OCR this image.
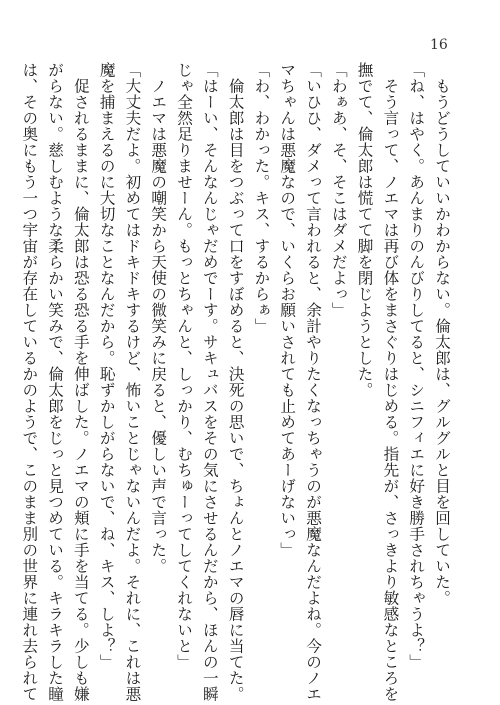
16
　もうどうしていいかわからない。倫太郎は、グルグルと目を回していた。
「ね、はやく。あんまりのんびりしてると、シニフィエに好き勝手されちゃうよ？」
　そう言って、ノエマは再び体をまさぐりはじめる。指先が、さっきより敏感なところを
撫でて、倫太郎は慌てて脚を閉じようとした。
「わぁあ、そ、そこはダメだよっ」
「いひひ、ダメって言われると、余計やりたくなっちゃうのが悪魔なんだよね。今のノエ
マちゃんは悪魔なので、いくらお願いされても止めてあーげないっ」
「わ、わかった。キス、するからぁ」
　倫太郎は目をつぶって口をすぼめると、決死の思いで、ちょんとノエマの唇に当てた。
「はーい、そんなんじゃだめでーす。サキュバスをその気にさせるんだから、ほんの一瞬
じゃ全然足りませーん。もっとちゃんと、しっかり、むちゅーってしてくれないと」
　ノエマは悪魔の嘲笑から天使の微笑みに戻ると、優しい声で言った。
「大丈夫だよ。初めてはドキドキするけど、怖いことじゃないんだよ。それに、これは悪
魔を捕まえるのに大切なことなんだから。恥ずかしがらないで、ね、キス、しよ？」
　促されるままに、倫太郎は恐る恐る手を伸ばした。ノエマの頬に手を当てる。少しも嫌
がらない。慈しむような柔らかい笑みで、倫太郎をじっと見つめている。キラキラした瞳
は、その奥にもう一つ宇宙が存在しているかのようで、このまま別の世界に連れ去られて
